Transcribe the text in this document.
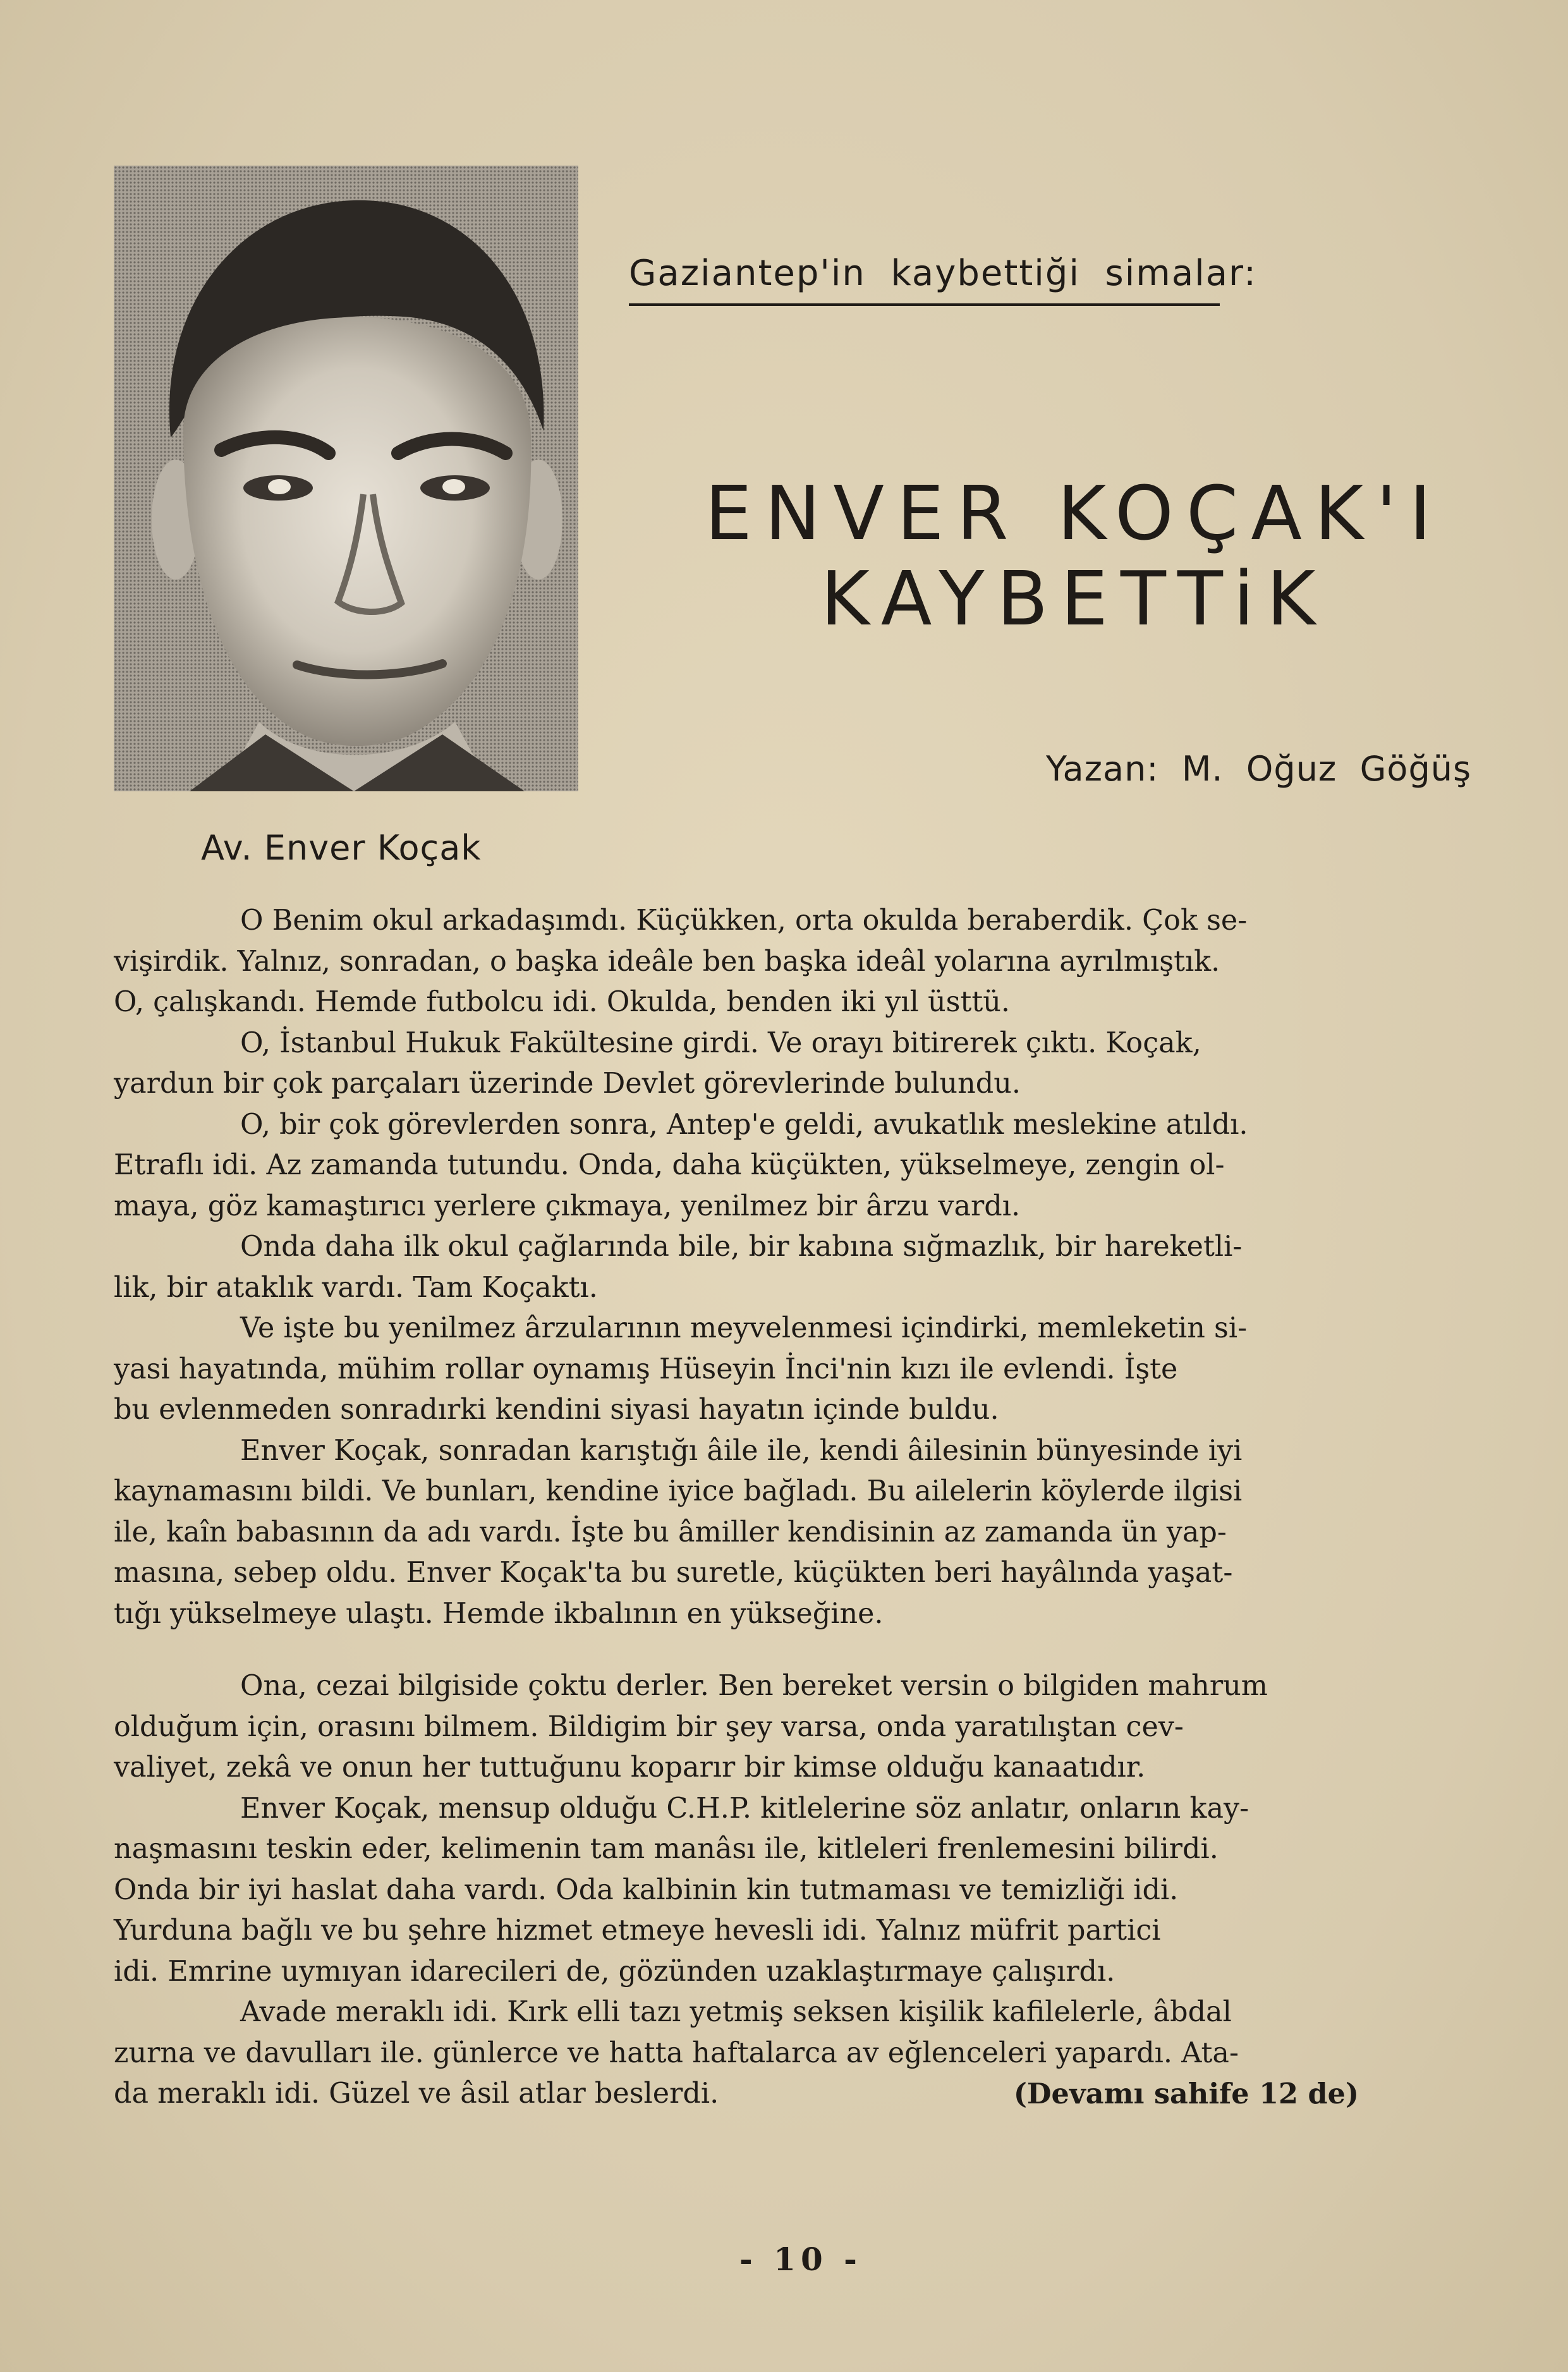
Av. Enver Koçak
Gaziantep'in  kaybettiği  simalar:
ENVER KOÇAK'I
KAYBETTiK
Yazan:  M.  Oğuz  Göğüş
O Benim okul arkadaşımdı. Küçükken, orta okulda beraberdik. Çok se-
vişirdik. Yalnız, sonradan, o başka ideâle ben başka ideâl yolarına ayrılmıştık.
O, çalışkandı. Hemde futbolcu idi. Okulda, benden iki yıl üsttü.
O, İstanbul Hukuk Fakültesine girdi. Ve orayı bitirerek çıktı. Koçak,
yardun bir çok parçaları üzerinde Devlet görevlerinde bulundu.
O, bir çok görevlerden sonra, Antep'e geldi, avukatlık meslekine atıldı.
Etraflı idi. Az zamanda tutundu. Onda, daha küçükten, yükselmeye, zengin ol-
maya, göz kamaştırıcı yerlere çıkmaya, yenilmez bir ârzu vardı.
Onda daha ilk okul çağlarında bile, bir kabına sığmazlık, bir hareketli-
lik, bir ataklık vardı. Tam Koçaktı.
Ve işte bu yenilmez ârzularının meyvelenmesi içindirki, memleketin si-
yasi hayatında, mühim rollar oynamış Hüseyin İnci'nin kızı ile evlendi. İşte
bu evlenmeden sonradırki kendini siyasi hayatın içinde buldu.
Enver Koçak, sonradan karıştığı âile ile, kendi âilesinin bünyesinde iyi
kaynamasını bildi. Ve bunları, kendine iyice bağladı. Bu ailelerin köylerde ilgisi
ile, kaîn babasının da adı vardı. İşte bu âmiller kendisinin az zamanda ün yap-
masına, sebep oldu. Enver Koçak'ta bu suretle, küçükten beri hayâlında yaşat-
tığı yükselmeye ulaştı. Hemde ikbalının en yükseğine.
Ona, cezai bilgiside çoktu derler. Ben bereket versin o bilgiden mahrum
olduğum için, orasını bilmem. Bildigim bir şey varsa, onda yaratılıştan cev-
valiyet, zekâ ve onun her tuttuğunu koparır bir kimse olduğu kanaatıdır.
Enver Koçak, mensup olduğu C.H.P. kitlelerine söz anlatır, onların kay-
naşmasını teskin eder, kelimenin tam manâsı ile, kitleleri frenlemesini bilirdi.
Onda bir iyi haslat daha vardı. Oda kalbinin kin tutmaması ve temizliği idi.
Yurduna bağlı ve bu şehre hizmet etmeye hevesli idi. Yalnız müfrit partici
idi. Emrine uymıyan idarecileri de, gözünden uzaklaştırmaye çalışırdı.
Avade meraklı idi. Kırk elli tazı yetmiş seksen kişilik kafilelerle, âbdal
zurna ve davulları ile. günlerce ve hatta haftalarca av eğlenceleri yapardı. Ata-
da meraklı idi. Güzel ve âsil atlar beslerdi.	(Devamı sahife 12 de)
- 10 -
